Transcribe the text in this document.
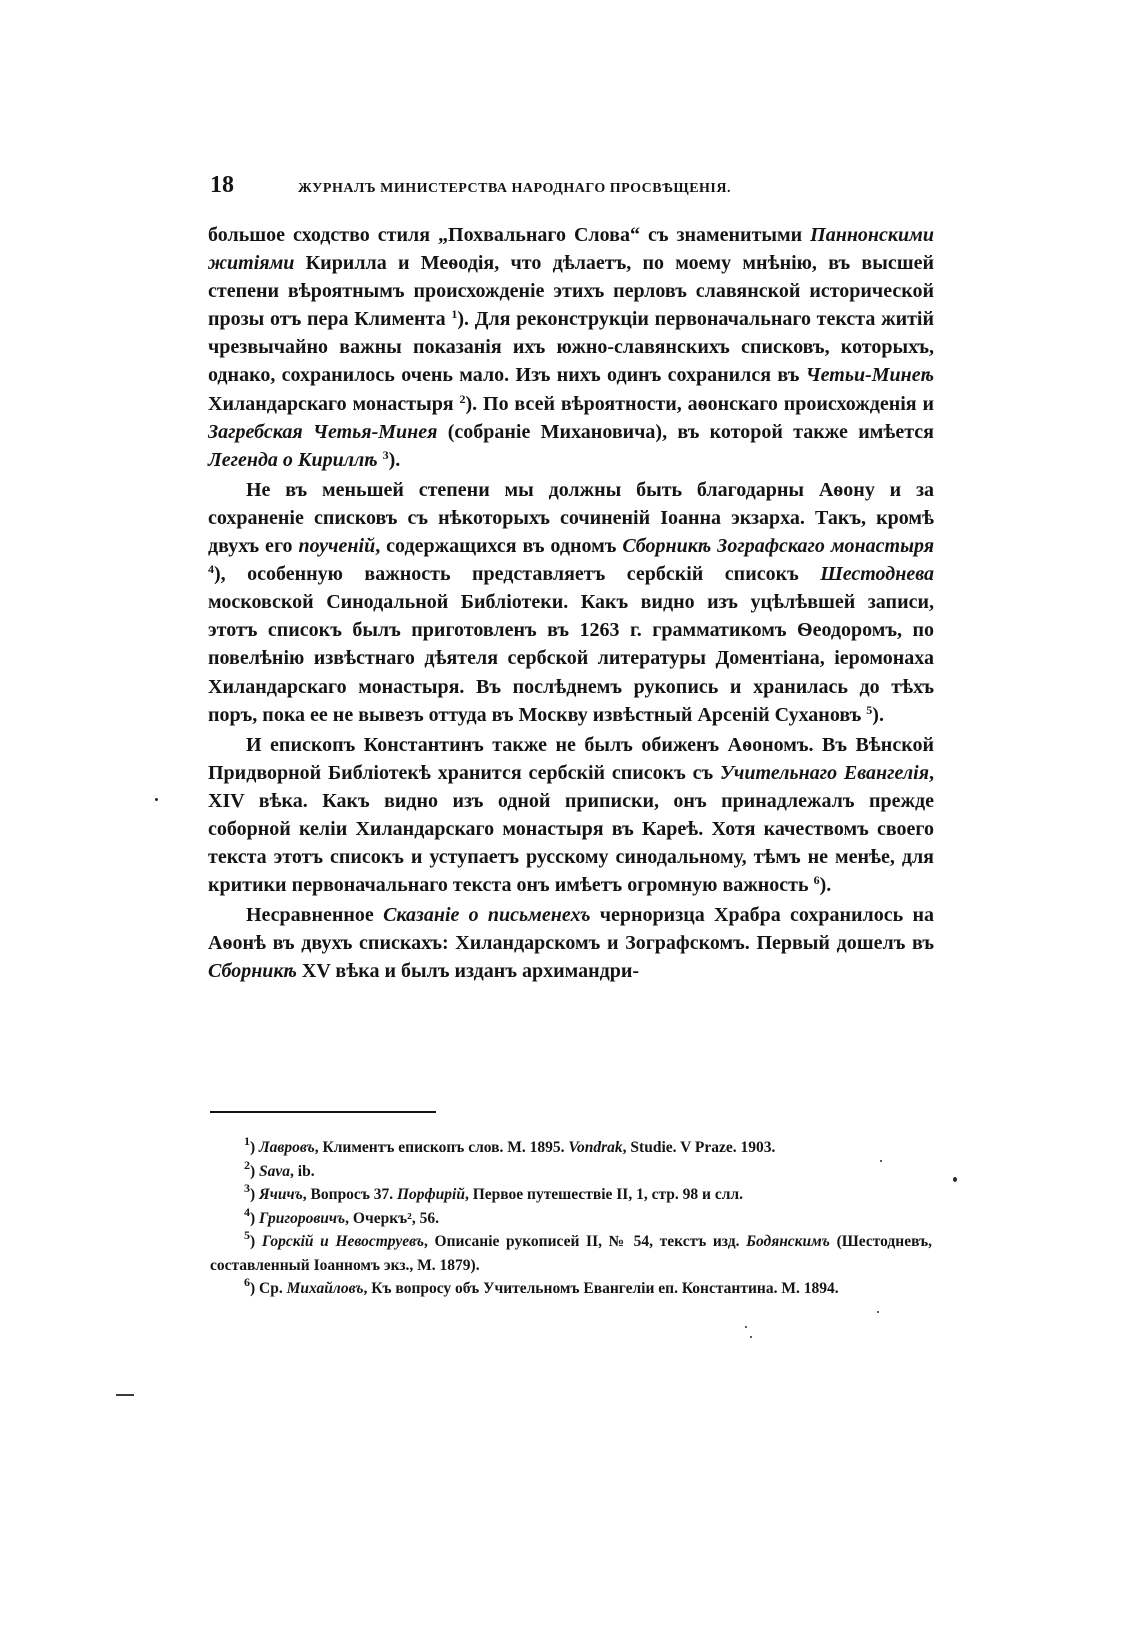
18	ЖУРНАЛЪ МИНИСТЕРСТВА НАРОДНАГО ПРОСВѢЩЕНІЯ.

большое сходство стиля „Похвальнаго Слова“ съ знаменитыми Паннонскими житіями Кирилла и Меѳодія, что дѣлаетъ, по моему мнѣнію, въ высшей степени вѣроятнымъ происхожденіе этихъ перловъ славянской исторической прозы отъ пера Климента $^1$). Для реконструкціи первоначальнаго текста житій чрезвычайно важны показанія ихъ южно-славянскихъ списковъ, которыхъ, однако, сохранилось очень мало. Изъ нихъ одинъ сохранился въ Четьи-Минеѣ Хиландарскаго монастыря $^2$). По всей вѣроятности, аѳонскаго происхожденія и Загребская Четья-Минея (собраніе Михановича), въ которой также имѣется Легенда о Кириллѣ $^3$).

Не въ меньшей степени мы должны быть благодарны Аѳону и за сохраненіе списковъ съ нѣкоторыхъ сочиненій Іоанна экзарха. Такъ, кромѣ двухъ его поученій, содержащихся въ одномъ Сборникѣ Зографскаго монастыря $^4$), особенную важность представляетъ сербскій списокъ Шестоднева московской Синодальной Библіотеки. Какъ видно изъ уцѣлѣвшей записи, этотъ списокъ былъ приготовленъ въ 1263 г. грамматикомъ Ѳеодоромъ, по повелѣнію извѣстнаго дѣятеля сербской литературы Доментіана, іеромонаха Хиландарскаго монастыря. Въ послѣднемъ рукопись и хранилась до тѣхъ поръ, пока ее не вывезъ оттуда въ Москву извѣстный Арсеній Сухановъ $^5$).

И епископъ Константинъ также не былъ обиженъ Аѳономъ. Въ Вѣнской Придворной Библіотекѣ хранится сербскій списокъ съ Учительнаго Евангелія, XIV вѣка. Какъ видно изъ одной приписки, онъ принадлежалъ прежде соборной келіи Хиландарскаго монастыря въ Кареѣ. Хотя качествомъ своего текста этотъ списокъ и уступаетъ русскому синодальному, тѣмъ не менѣе, для критики первоначальнаго текста онъ имѣетъ огромную важность $^6$).

Несравненное Сказаніе о письменехъ черноризца Храбра сохранилось на Аѳонѣ въ двухъ спискахъ: Хиландарскомъ и Зографскомъ. Первый дошелъ въ Сборникѣ XV вѣка и былъ изданъ архимандри-

$^1$) Лавровъ, Климентъ епископъ слов. М. 1895. Vondrak, Studie. V Praze. 1903.

$^2$) Sava, ib.

$^3$) Ячичъ, Вопросъ 37. Порфирій, Первое путешествіе II, 1, стр. 98 и слл.

$^4$) Григоровичъ, Очеркъ², 56.

$^5$) Горскій и Невоструевъ, Описаніе рукописей II, № 54, текстъ изд. Бодянскимъ (Шестодневъ, составленный Іоанномъ экз., М. 1879).

$^6$) Ср. Михайловъ, Къ вопросу объ Учительномъ Евангеліи еп. Константина. М. 1894.
